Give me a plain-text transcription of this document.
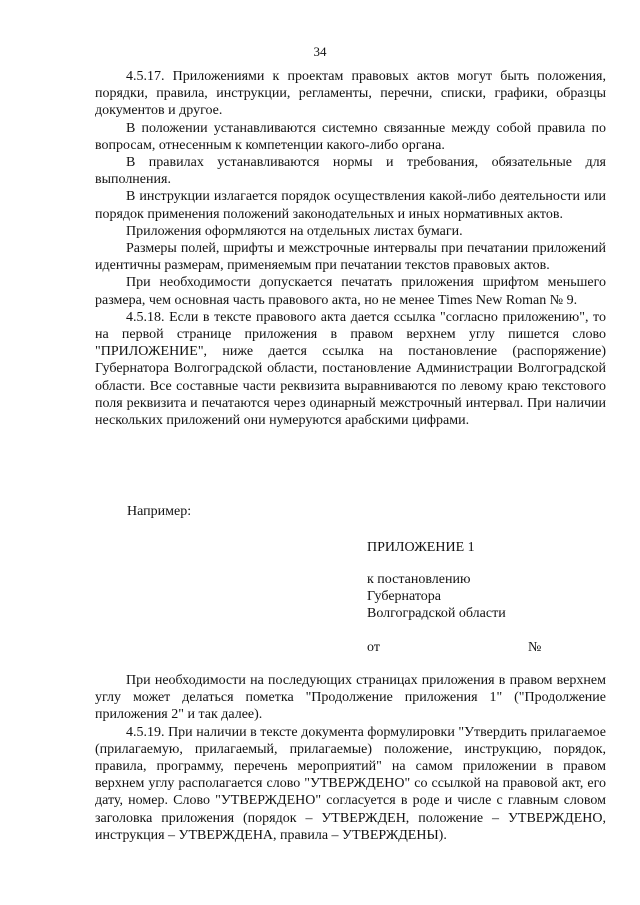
34

4.5.17. Приложениями к проектам правовых актов могут быть положения, порядки, правила, инструкции, регламенты, перечни, списки, графики, образцы документов и другое.

В положении устанавливаются системно связанные между собой правила по вопросам, отнесенным к компетенции какого-либо органа.

В правилах устанавливаются нормы и требования, обязательные для выполнения.

В инструкции излагается порядок осуществления какой-либо деятельности или порядок применения положений законодательных и иных нормативных актов.

Приложения оформляются на отдельных листах бумаги.

Размеры полей, шрифты и межстрочные интервалы при печатании приложений идентичны размерам, применяемым при печатании текстов правовых актов.

При необходимости допускается печатать приложения шрифтом меньшего размера, чем основная часть правового акта, но не менее Times New Roman № 9.

4.5.18. Если в тексте правового акта дается ссылка "согласно приложению", то на первой странице приложения в правом верхнем углу пишется слово "ПРИЛОЖЕНИЕ", ниже дается ссылка на постановление (распоряжение) Губернатора Волгоградской области, постановление Администрации Волгоградской области. Все составные части реквизита выравниваются по левому краю текстового поля реквизита и печатаются через одинарный межстрочный интервал. При наличии нескольких приложений они нумеруются арабскими цифрами.

Например:

ПРИЛОЖЕНИЕ 1

к постановлению
Губернатора
Волгоградской области

от	№

При необходимости на последующих страницах приложения в правом верхнем углу может делаться пометка "Продолжение приложения 1" ("Продолжение приложения 2" и так далее).

4.5.19. При наличии в тексте документа формулировки "Утвердить прилагаемое (прилагаемую, прилагаемый, прилагаемые) положение, инструкцию, порядок, правила, программу, перечень мероприятий" на самом приложении в правом верхнем углу располагается слово "УТВЕРЖДЕНО" со ссылкой на правовой акт, его дату, номер. Слово "УТВЕРЖДЕНО" согласуется в роде и числе с главным словом заголовка приложения (порядок – УТВЕРЖДЕН, положение – УТВЕРЖДЕНО, инструкция – УТВЕРЖДЕНА, правила – УТВЕРЖДЕНЫ).
